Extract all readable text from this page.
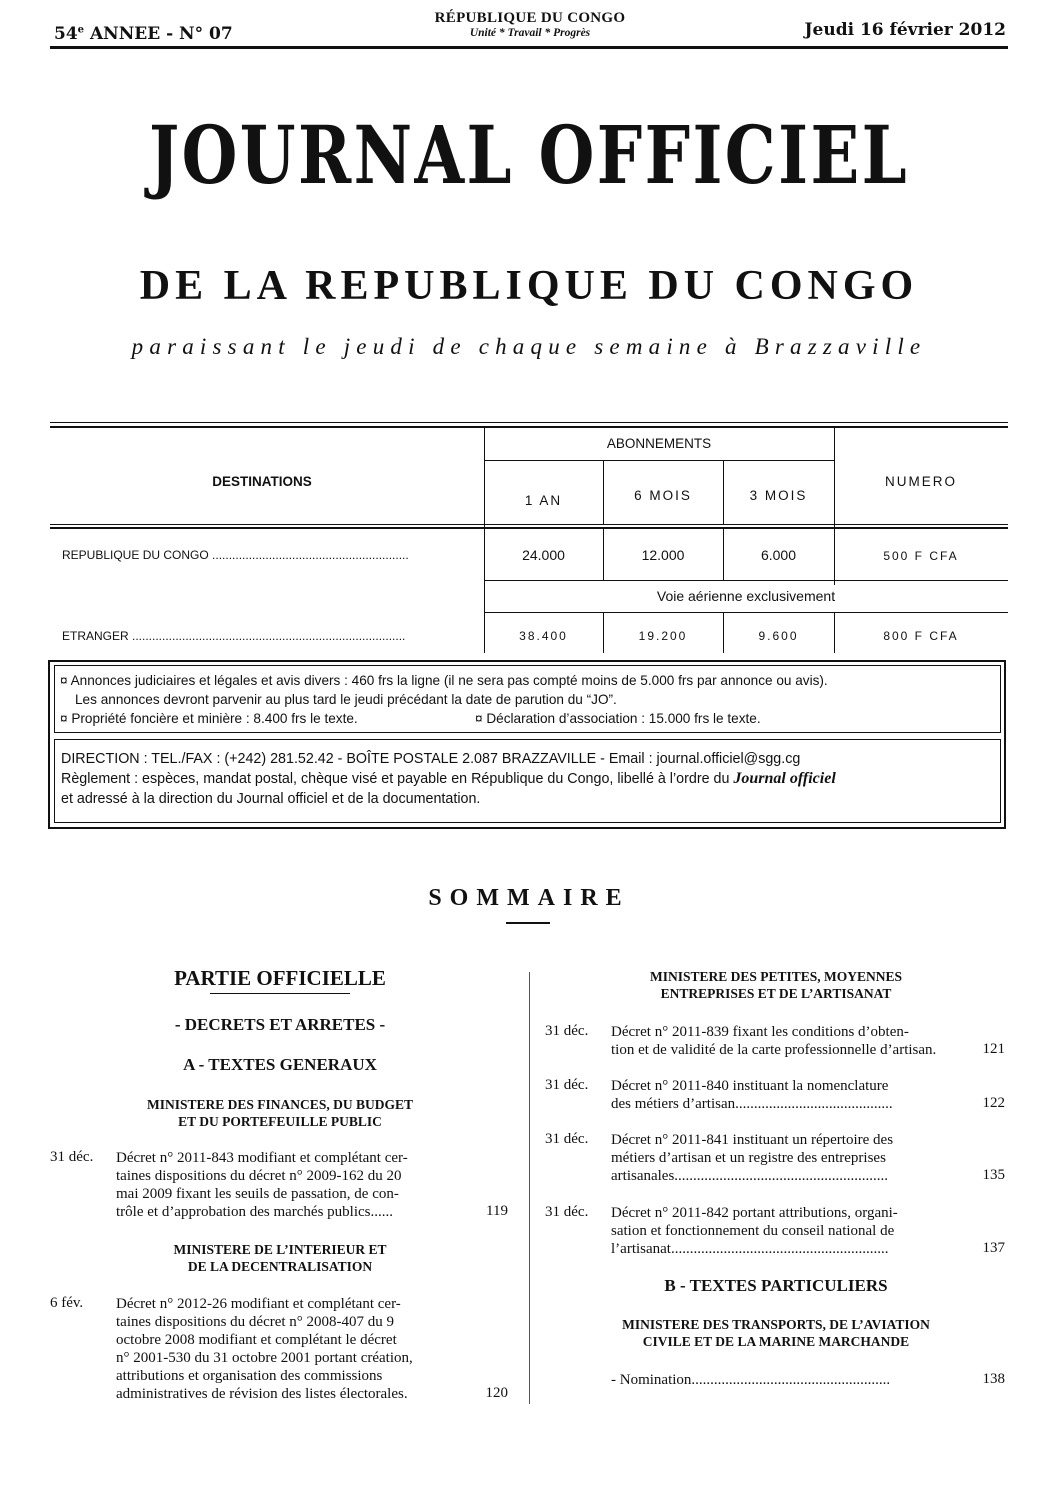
54e ANNEE - N° 07
RÉPUBLIQUE DU CONGO
Unité * Travail * Progrès	Jeudi 16 février 2012
JOURNAL OFFICIEL
DE LA REPUBLIQUE DU CONGO
paraissant le jeudi de chaque semaine à Brazzaville
DESTINATIONS
ABONNEMENTS
NUMERO
1 AN	6 MOIS	3 MOIS
REPUBLIQUE DU CONGO ...........................................................	24.000	12.000	6.000	500 F CFA
Voie aérienne exclusivement
ETRANGER ..................................................................................	38.400	19.200	9.600	800 F CFA
¤ Annonces judiciaires et légales et avis divers : 460 frs la ligne (il ne sera pas compté moins de 5.000 frs par annonce ou avis).
Les annonces devront parvenir au plus tard le jeudi précédant la date de parution du “JO”.
¤ Propriété foncière et minière : 8.400 frs le texte.	¤ Déclaration d’association : 15.000 frs le texte.
DIRECTION : TEL./FAX : (+242) 281.52.42 - BOÎTE POSTALE 2.087 BRAZZAVILLE - Email : journal.officiel@sgg.cg
Règlement : espèces, mandat postal, chèque visé et payable en République du Congo, libellé à l’ordre du Journal officiel
et adressé à la direction du Journal officiel et de la documentation.
SOMMAIRE
PARTIE OFFICIELLE
- DECRETS ET ARRETES -
A - TEXTES GENERAUX
MINISTERE DES FINANCES, DU BUDGET
ET DU PORTEFEUILLE PUBLIC
31 déc. Décret n° 2011-843 modifiant et complétant cer-
taines dispositions du décret n° 2009-162 du 20
mai 2009 fixant les seuils de passation, de con-
trôle et d’approbation des marchés publics......	119
MINISTERE DE L’INTERIEUR ET
DE LA DECENTRALISATION
6 fév. Décret n° 2012-26 modifiant et complétant cer-
taines dispositions du décret n° 2008-407 du 9
octobre 2008 modifiant et complétant le décret
n° 2001-530 du 31 octobre 2001 portant création,
attributions et organisation des commissions
administratives de révision des listes électorales.	120
MINISTERE DES PETITES, MOYENNES
ENTREPRISES ET DE L’ARTISANAT
31 déc. Décret n° 2011-839 fixant les conditions d’obten-
tion et de validité de la carte professionnelle d’artisan.	121
31 déc. Décret n° 2011-840 instituant la nomenclature
des métiers d’artisan..........................................	122
31 déc. Décret n° 2011-841 instituant un répertoire des
métiers d’artisan et un registre des entreprises
artisanales.........................................................	135
31 déc. Décret n° 2011-842 portant attributions, organi-
sation et fonctionnement du conseil national de
l’artisanat..........................................................	137
B - TEXTES PARTICULIERS
MINISTERE DES TRANSPORTS, DE L’AVIATION
CIVILE ET DE LA MARINE MARCHANDE
- Nomination.....................................................	138
